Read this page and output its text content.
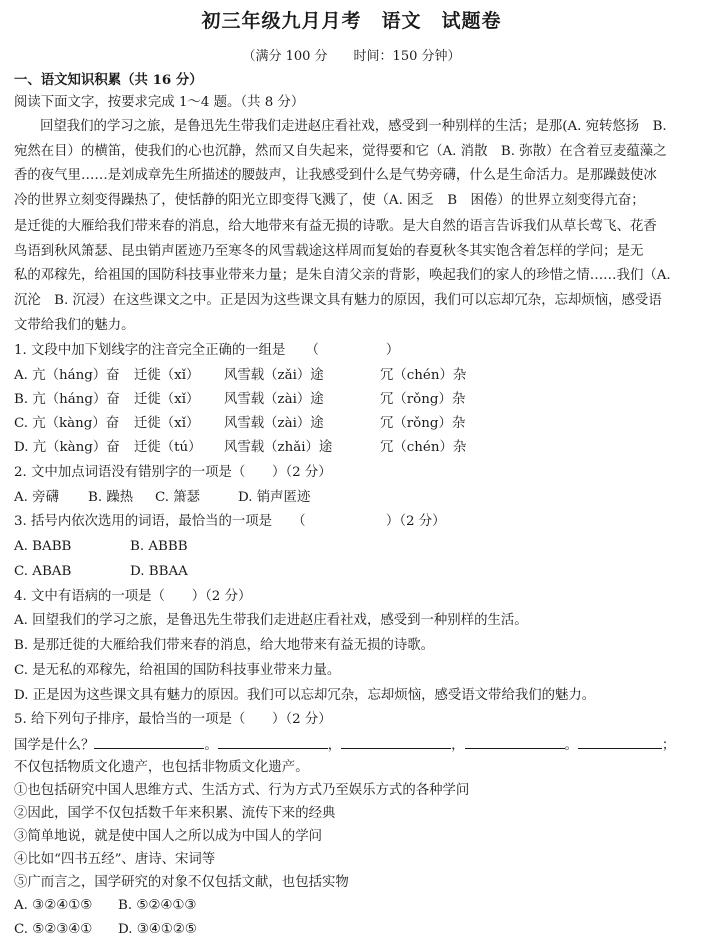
初三年级九月月考　语文　试题卷
（满分 100 分　　时间：150 分钟）
一、语文知识积累（共 16 分）
阅读下面文字，按要求完成 1～4 题。（共 8 分）
回望我们的学习之旅，是鲁迅先生带我们走进赵庄看社戏，感受到一种别样的生活；是那(A. 宛转悠扬　B.
宛然在目）的横笛，使我们的心也沉静，然而又自失起来，觉得要和它（A. 消散　B. 弥散）在含着豆麦蕴藻之
香的夜气里……是刘成章先生所描述的腰鼓声，让我感受到什么是气势旁礴，什么是生命活力。是那躁鼓使冰
冷的世界立刻变得躁热了，使恬静的阳光立即变得飞溅了，使（A. 困乏　B　困倦）的世界立刻变得亢奋；
是迁徙的大雁给我们带来春的消息，给大地带来有益无损的诗歌。是大自然的语言告诉我们从草长莺飞、花香
鸟语到秋风箫瑟、昆虫销声匿迹乃至寒冬的风雪载途这样周而复始的春夏秋冬其实饱含着怎样的学问；是无
私的邓稼先，给祖国的国防科技事业带来力量；是朱自清父亲的背影，唤起我们的家人的珍惜之情……我们（A.
沉沦　B. 沉浸）在这些课文之中。正是因为这些课文具有魅力的原因，我们可以忘却冗杂，忘却烦恼，感受语
文带给我们的魅力。
1. 文段中加下划线字的注音完全正确的一组是　　（　　　　　）
A. 亢（háng）奋 迁徙（xǐ） 风雪载（zǎi）途	冗（chén）杂
B. 亢（háng）奋 迁徙（xǐ） 风雪载（zài）途	冗（rǒng）杂
C. 亢（kàng）奋 迁徙（xǐ） 风雪载（zài）途	冗（rǒng）杂
D. 亢（kàng）奋 迁徙（tú） 风雪载（zhǎi）途	冗（chén）杂
2. 文中加点词语没有错别字的一项是（　　）（2 分）
A. 旁礴 B. 躁热 C. 箫瑟	D. 销声匿迹
3. 括号内依次选用的词语，最恰当的一项是　　（　　　　　　）（2 分）
A. BABB	B. ABBB
C. ABAB	D. BBAA
4. 文中有语病的一项是（　　）（2 分）
A. 回望我们的学习之旅，是鲁迅先生带我们走进赵庄看社戏，感受到一种别样的生活。
B. 是那迁徙的大雁给我们带来春的消息，给大地带来有益无损的诗歌。
C. 是无私的邓稼先，给祖国的国防科技事业带来力量。
D. 正是因为这些课文具有魅力的原因。我们可以忘却冗杂，忘却烦恼，感受语文带给我们的魅力。
5. 给下列句子排序，最恰当的一项是（　　）（2 分）
国学是什么？	。	，	，	。	；
不仅包括物质文化遗产，也包括非物质文化遗产。
①也包括研究中国人思维方式、生活方式、行为方式乃至娱乐方式的各种学问
②因此，国学不仅包括数千年来积累、流传下来的经典
③简单地说，就是使中国人之所以成为中国人的学问
④比如“四书五经”、唐诗、宋词等
⑤广而言之，国学研究的对象不仅包括文献，也包括实物
A. ③②④①⑤ B. ⑤②④①③
C. ⑤②③④① D. ③④①②⑤
